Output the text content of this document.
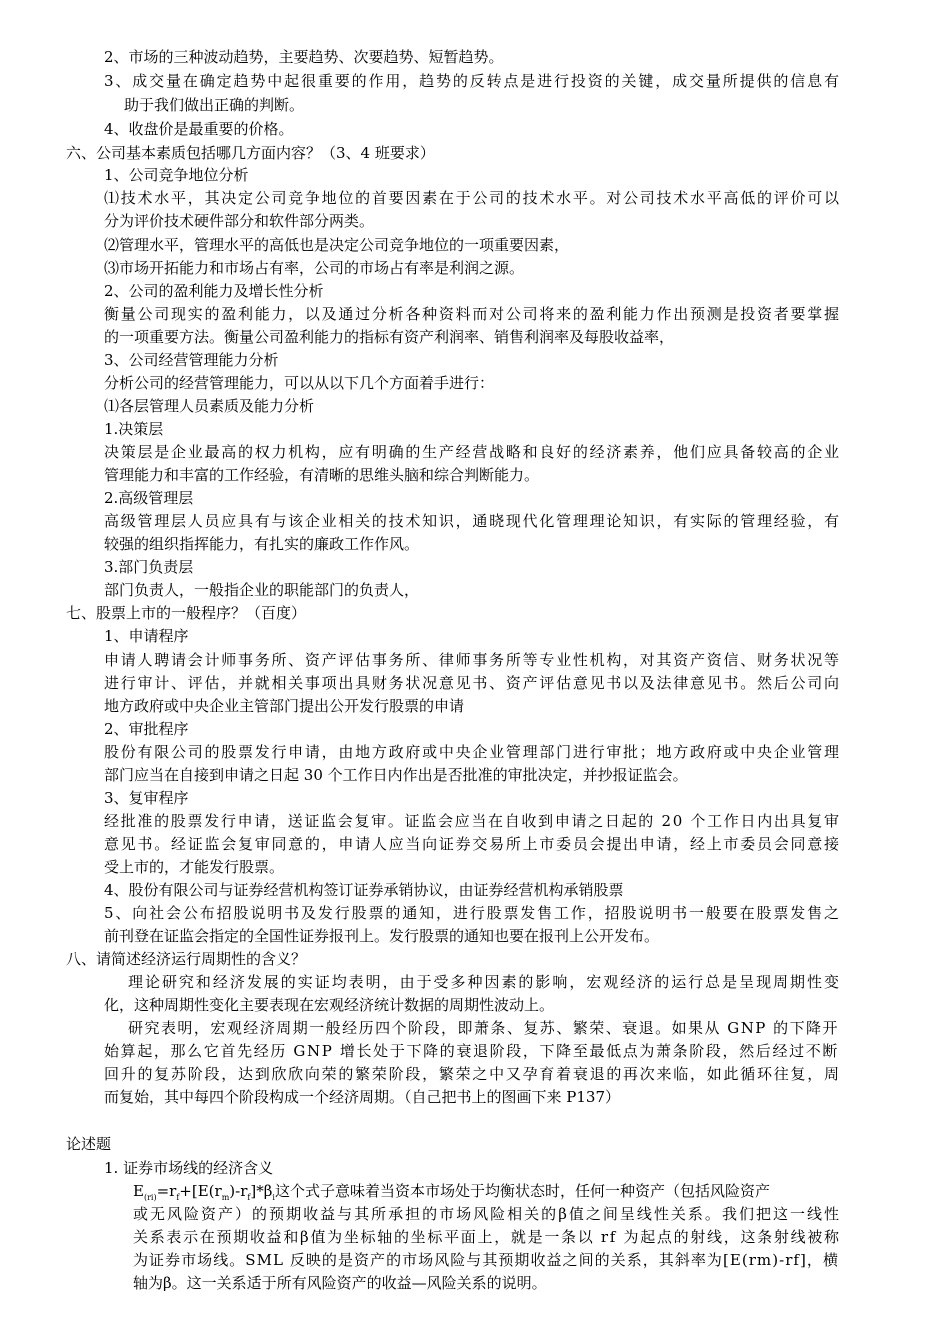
2、市场的三种波动趋势，主要趋势、次要趋势、短暂趋势。
3、成交量在确定趋势中起很重要的作用，趋势的反转点是进行投资的关键，成交量所提供的信息有
助于我们做出正确的判断。
4、收盘价是最重要的价格。
六、公司基本素质包括哪几方面内容？（3、4 班要求）
1、公司竞争地位分析
⑴技术水平，其决定公司竞争地位的首要因素在于公司的技术水平。对公司技术水平高低的评价可以
分为评价技术硬件部分和软件部分两类。
⑵管理水平，管理水平的高低也是决定公司竞争地位的一项重要因素，
⑶市场开拓能力和市场占有率，公司的市场占有率是利润之源。
2、公司的盈利能力及增长性分析
衡量公司现实的盈利能力，以及通过分析各种资料而对公司将来的盈利能力作出预测是投资者要掌握
的一项重要方法。衡量公司盈利能力的指标有资产利润率、销售利润率及每股收益率，
3、公司经营管理能力分析
分析公司的经营管理能力，可以从以下几个方面着手进行：
⑴各层管理人员素质及能力分析
1.决策层
决策层是企业最高的权力机构，应有明确的生产经营战略和良好的经济素养，他们应具备较高的企业
管理能力和丰富的工作经验，有清晰的思维头脑和综合判断能力。
2.高级管理层
高级管理层人员应具有与该企业相关的技术知识，通晓现代化管理理论知识，有实际的管理经验，有
较强的组织指挥能力，有扎实的廉政工作作风。
3.部门负责层
部门负责人，一般指企业的职能部门的负责人，
七、股票上市的一般程序？（百度）
1、申请程序
申请人聘请会计师事务所、资产评估事务所、律师事务所等专业性机构，对其资产资信、财务状况等
进行审计、评估，并就相关事项出具财务状况意见书、资产评估意见书以及法律意见书。然后公司向
地方政府或中央企业主管部门提出公开发行股票的申请
2、审批程序
股份有限公司的股票发行申请，由地方政府或中央企业管理部门进行审批；地方政府或中央企业管理
部门应当在自接到申请之日起 30 个工作日内作出是否批准的审批决定，并抄报证监会。
3、复审程序
经批准的股票发行申请，送证监会复审。证监会应当在自收到申请之日起的 20 个工作日内出具复审
意见书。经证监会复审同意的，申请人应当向证券交易所上市委员会提出申请，经上市委员会同意接
受上市的，才能发行股票。
4、股份有限公司与证券经营机构签订证券承销协议，由证券经营机构承销股票
5、向社会公布招股说明书及发行股票的通知，进行股票发售工作，招股说明书一般要在股票发售之
前刊登在证监会指定的全国性证券报刊上。发行股票的通知也要在报刊上公开发布。
八、请简述经济运行周期性的含义？
理论研究和经济发展的实证均表明，由于受多种因素的影响，宏观经济的运行总是呈现周期性变
化，这种周期性变化主要表现在宏观经济统计数据的周期性波动上。
研究表明，宏观经济周期一般经历四个阶段，即萧条、复苏、繁荣、衰退。如果从 GNP 的下降开
始算起，那么它首先经历 GNP 增长处于下降的衰退阶段，下降至最低点为萧条阶段，然后经过不断
回升的复苏阶段，达到欣欣向荣的繁荣阶段，繁荣之中又孕育着衰退的再次来临，如此循环往复，周
而复始，其中每四个阶段构成一个经济周期。（自己把书上的图画下来 P137）
论述题
1. 证券市场线的经济含义
或无风险资产）的预期收益与其所承担的市场风险相关的β值之间呈线性关系。我们把这一线性
关系表示在预期收益和β值为坐标轴的坐标平面上，就是一条以 rf 为起点的射线，这条射线被称
为证券市场线。SML 反映的是资产的市场风险与其预期收益之间的关系，其斜率为[E(rm)-rf]，横
轴为β。这一关系适于所有风险资产的收益—风险关系的说明。
$E_{(ri)}=r_f+[E(r_m)-r_f]*\beta_i$这个式子意味着当资本市场处于均衡状态时，任何一种资产（包括风险资产
